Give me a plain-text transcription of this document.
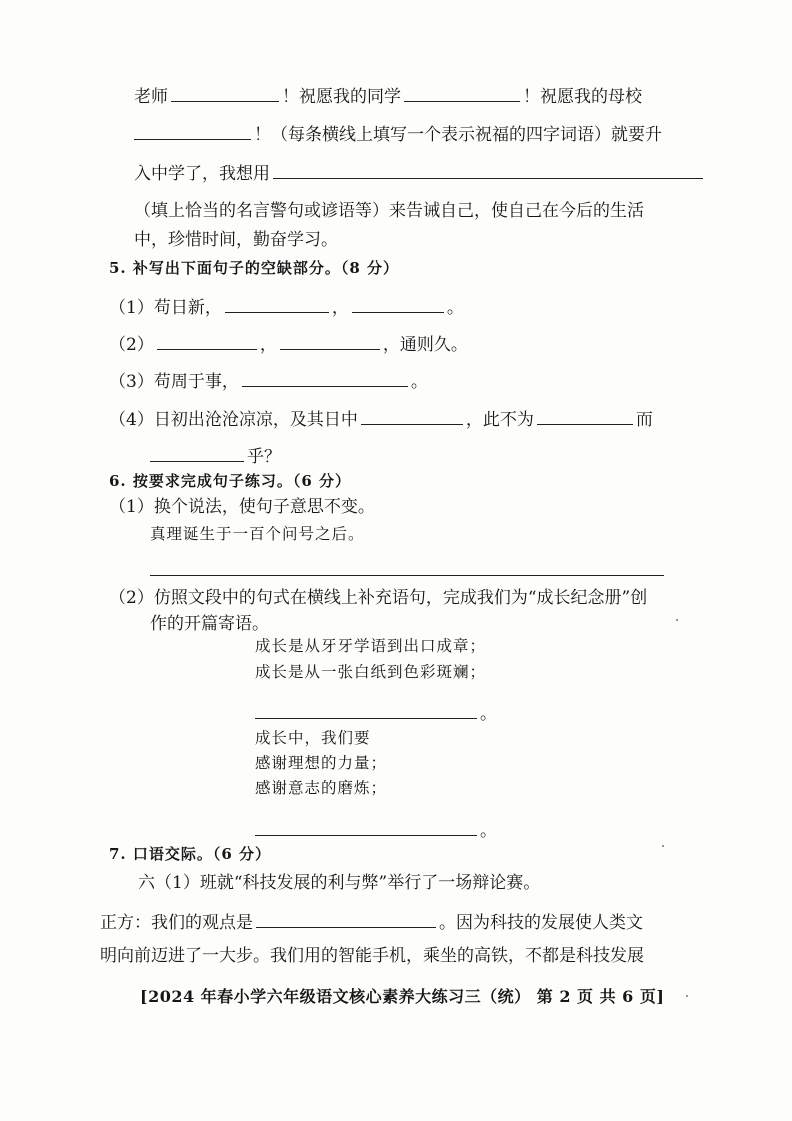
老师	！祝愿我的同学	！祝愿我的母校
！（每条横线上填写一个表示祝福的四字词语）就要升
入中学了，我想用
（填上恰当的名言警句或谚语等）来告诫自己，使自己在今后的生活
中，珍惜时间，勤奋学习。
5. 补写出下面句子的空缺部分。（8 分）
（1）苟日新，	，	。
（2）	，	，通则久。
（3）苟周于事，	。
（4）日初出沧沧凉凉，及其日中	，此不为	而
乎？
6. 按要求完成句子练习。（6 分）
（1）换个说法，使句子意思不变。
真理诞生于一百个问号之后。
（2）仿照文段中的句式在横线上补充语句，完成我们为“成长纪念册”创
作的开篇寄语。
成长是从牙牙学语到出口成章；
成长是从一张白纸到色彩斑斓；
。
成长中，我们要
感谢理想的力量；
感谢意志的磨炼；
。
7. 口语交际。（6 分）
六（1）班就“科技发展的利与弊”举行了一场辩论赛。
正方：我们的观点是	。因为科技的发展使人类文
明向前迈进了一大步。我们用的智能手机，乘坐的高铁，不都是科技发展
[2024 年春小学六年级语文核心素养大练习三（统） 第 2 页 共 6 页]
